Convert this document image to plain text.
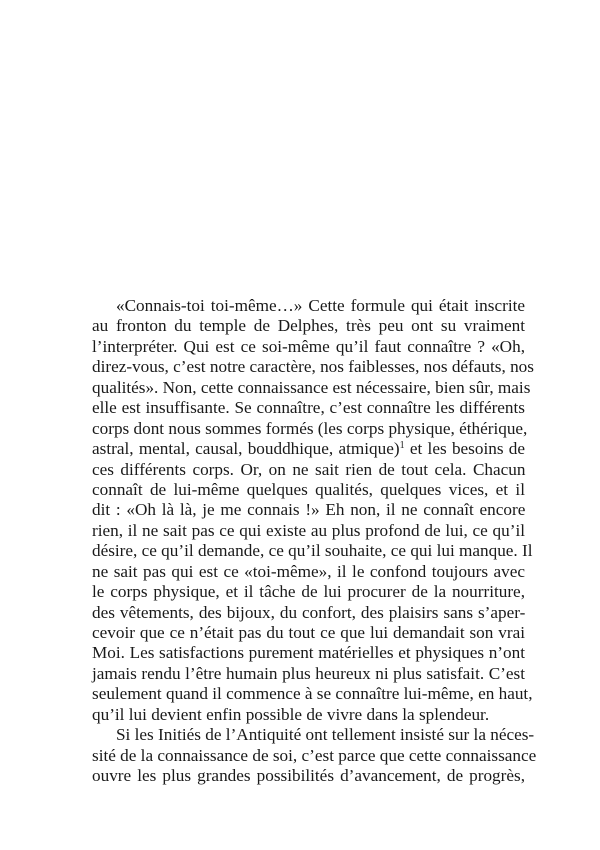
«Connais-toi toi-même…» Cette formule qui était inscrite
au fronton du temple de Delphes, très peu ont su vraiment
l’interpréter. Qui est ce soi-même qu’il faut connaître ? «Oh,
direz-vous, c’est notre caractère, nos faiblesses, nos défauts, nos
qualités». Non, cette connaissance est nécessaire, bien sûr, mais
elle est insuffisante. Se connaître, c’est connaître les différents
corps dont nous sommes formés (les corps physique, éthérique,
astral, mental, causal, bouddhique, atmique)$^1$ et les besoins de
ces différents corps. Or, on ne sait rien de tout cela. Chacun
connaît de lui-même quelques qualités, quelques vices, et il
dit : «Oh là là, je me connais !» Eh non, il ne connaît encore
rien, il ne sait pas ce qui existe au plus profond de lui, ce qu’il
désire, ce qu’il demande, ce qu’il souhaite, ce qui lui manque. Il
ne sait pas qui est ce «toi-même», il le confond toujours avec
le corps physique, et il tâche de lui procurer de la nourriture,
des vêtements, des bijoux, du confort, des plaisirs sans s’aper-
cevoir que ce n’était pas du tout ce que lui demandait son vrai
Moi. Les satisfactions purement matérielles et physiques n’ont
jamais rendu l’être humain plus heureux ni plus satisfait. C’est
seulement quand il commence à se connaître lui-même, en haut,
qu’il lui devient enfin possible de vivre dans la splendeur.
Si les Initiés de l’Antiquité ont tellement insisté sur la néces-
sité de la connaissance de soi, c’est parce que cette connaissance
ouvre les plus grandes possibilités d’avancement, de progrès,
